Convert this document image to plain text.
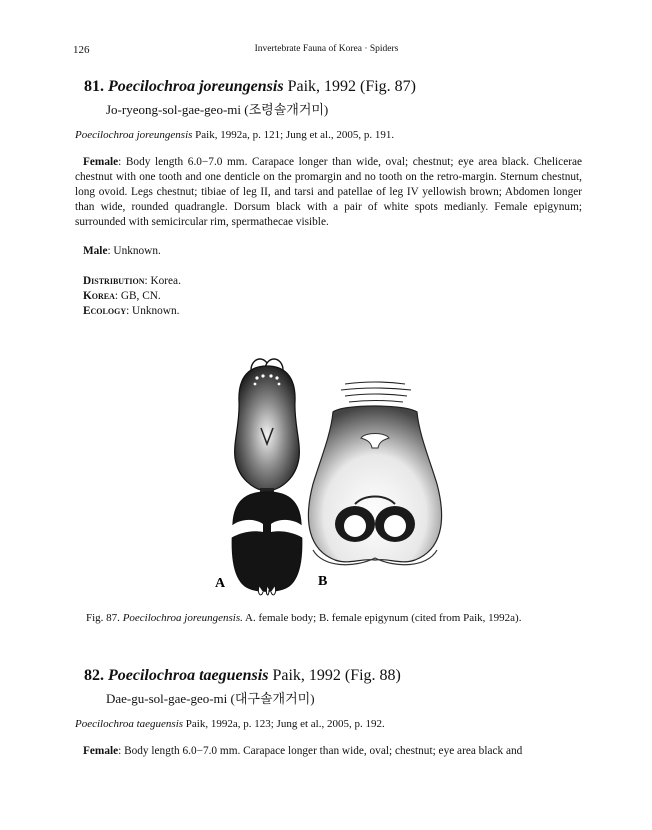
126	Invertebrate Fauna of Korea · Spiders
81. Poecilochroa joreungensis Paik, 1992 (Fig. 87)
Jo-ryeong-sol-gae-geo-mi (조령솔개거미)
Poecilochroa joreungensis Paik, 1992a, p. 121; Jung et al., 2005, p. 191.

Female: Body length 6.0−7.0 mm. Carapace longer than wide, oval; chestnut; eye area black. Chelicerae chestnut with one tooth and one denticle on the promargin and no tooth on the retro-margin. Sternum chestnut, long ovoid. Legs chestnut; tibiae of leg II, and tarsi and patellae of leg IV yellowish brown; Abdomen longer than wide, rounded quadrangle. Dorsum black with a pair of white spots medianly. Female epigynum; surrounded with semicircular rim, spermathecae visible.

Male: Unknown.
Distribution: Korea.
Korea: GB, CN.
Ecology: Unknown.
A	B
Fig. 87. Poecilochroa joreungensis. A. female body; B. female epigynum (cited from Paik, 1992a).
82. Poecilochroa taeguensis Paik, 1992 (Fig. 88)
Dae-gu-sol-gae-geo-mi (대구솔개거미)
Poecilochroa taeguensis Paik, 1992a, p. 123; Jung et al., 2005, p. 192.
Female: Body length 6.0−7.0 mm. Carapace longer than wide, oval; chestnut; eye area black and
